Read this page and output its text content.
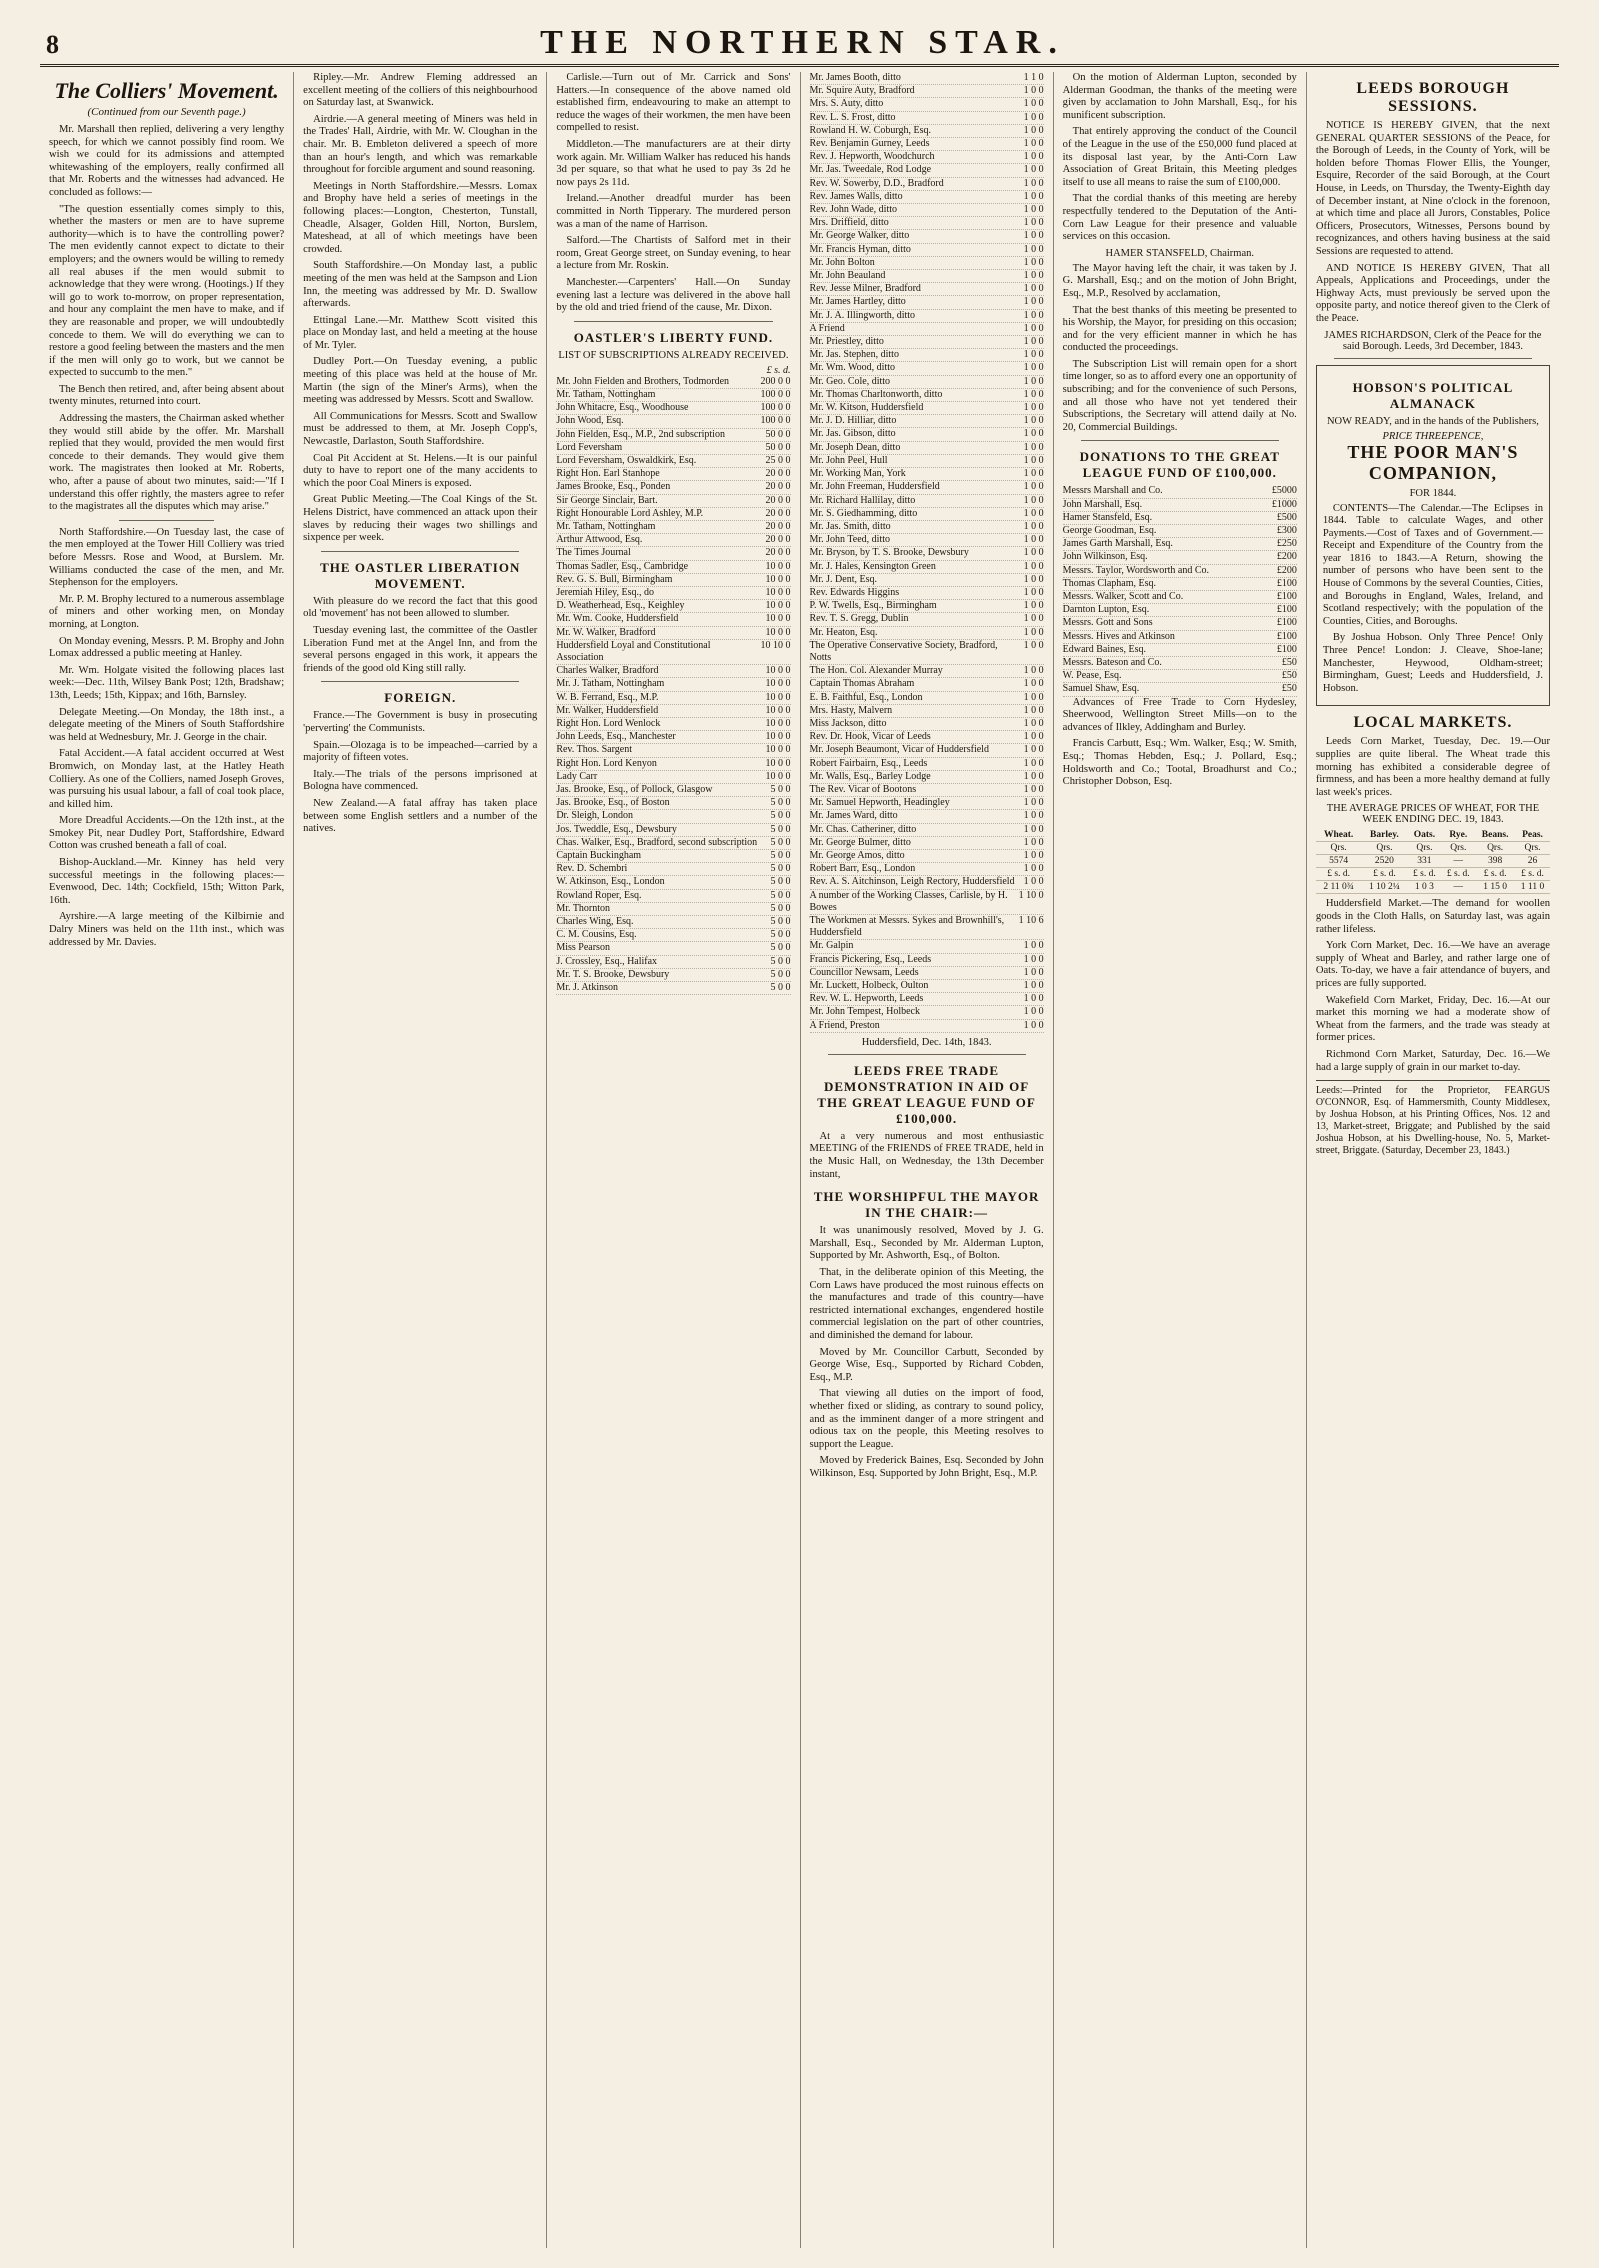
8	THE NORTHERN STAR.
The Colliers' Movement.
(Continued from our Seventh page.)

Mr. Marshall then replied, delivering a very lengthy speech, for which we cannot possibly find room. We wish we could for its admissions and attempted whitewashing of the employers, really confirmed all that Mr. Roberts and the witnesses had advanced. He concluded as follows:—

"The question essentially comes simply to this, whether the masters or men are to have supreme authority—which is to have the controlling power? The men evidently cannot expect to dictate to their employers; and the owners would be willing to remedy all real abuses if the men would submit to acknowledge that they were wrong. (Hootings.) If they will go to work to-morrow, on proper representation, and hour any complaint the men have to make, and if they are reasonable and proper, we will undoubtedly concede to them. We will do everything we can to restore a good feeling between the masters and the men if the men will only go to work, but we cannot be expected to succumb to the men."

The Bench then retired, and, after being absent about twenty minutes, returned into court.

Addressing the masters, the Chairman asked whether they would still abide by the offer. Mr. Marshall replied that they would, provided the men would first concede to their demands. They would give them work. The magistrates then looked at Mr. Roberts, who, after a pause of about two minutes, said:—"If I understand this offer rightly, the masters agree to refer to the magistrates all the disputes which may arise."

North Staffordshire.—On Tuesday last, the case of the men employed at the Tower Hill Colliery was tried before Messrs. Rose and Wood, at Burslem. Mr. Williams conducted the case of the men, and Mr. Stephenson for the employers.

Mr. P. M. Brophy lectured to a numerous assemblage of miners and other working men, on Monday morning, at Longton.

On Monday evening, Messrs. P. M. Brophy and John Lomax addressed a public meeting at Hanley.

Mr. Wm. Holgate visited the following places last week:—Dec. 11th, Wilsey Bank Post; 12th, Bradshaw; 13th, Leeds; 15th, Kippax; and 16th, Barnsley.

Delegate Meeting.—On Monday, the 18th inst., a delegate meeting of the Miners of South Staffordshire was held at Wednesbury, Mr. J. George in the chair.

Fatal Accident.—A fatal accident occurred at West Bromwich, on Monday last, at the Hatley Heath Colliery. As one of the Colliers, named Joseph Groves, was pursuing his usual labour, a fall of coal took place, and killed him.

More Dreadful Accidents.—On the 12th inst., at the Smokey Pit, near Dudley Port, Staffordshire, Edward Cotton was crushed beneath a fall of coal.

Bishop-Auckland.—Mr. Kinney has held very successful meetings in the following places:—Evenwood, Dec. 14th; Cockfield, 15th; Witton Park, 16th.

Ayrshire.—A large meeting of the Kilbirnie and Dalry Miners was held on the 11th inst., which was addressed by Mr. Davies.

Ripley.—Mr. Andrew Fleming addressed an excellent meeting of the colliers of this neighbourhood on Saturday last, at Swanwick.

Airdrie.—A general meeting of Miners was held in the Trades' Hall, Airdrie, with Mr. W. Cloughan in the chair. Mr. B. Embleton delivered a speech of more than an hour's length, and which was remarkable throughout for forcible argument and sound reasoning.

Meetings in North Staffordshire.—Messrs. Lomax and Brophy have held a series of meetings in the following places:—Longton, Chesterton, Tunstall, Cheadle, Alsager, Golden Hill, Norton, Burslem, Mateshead, at all of which meetings have been crowded.

South Staffordshire.—On Monday last, a public meeting of the men was held at the Sampson and Lion Inn, the meeting was addressed by Mr. D. Swallow afterwards.

Ettingal Lane.—Mr. Matthew Scott visited this place on Monday last, and held a meeting at the house of Mr. Tyler.

Dudley Port.—On Tuesday evening, a public meeting of this place was held at the house of Mr. Martin (the sign of the Miner's Arms), when the meeting was addressed by Messrs. Scott and Swallow.

All Communications for Messrs. Scott and Swallow must be addressed to them, at Mr. Joseph Copp's, Newcastle, Darlaston, South Staffordshire.

Coal Pit Accident at St. Helens.—It is our painful duty to have to report one of the many accidents to which the poor Coal Miners is exposed.

Great Public Meeting.—The Coal Kings of the St. Helens District, have commenced an attack upon their slaves by reducing their wages two shillings and sixpence per week.

THE OASTLER LIBERATION MOVEMENT.

With pleasure do we record the fact that this good old 'movement' has not been allowed to slumber.

Tuesday evening last, the committee of the Oastler Liberation Fund met at the Angel Inn, and from the several persons engaged in this work, it appears the friends of the good old King still rally.

FOREIGN.

France.—The Government is busy in prosecuting 'perverting' the Communists.

Spain.—Olozaga is to be impeached—carried by a majority of fifteen votes.

Italy.—The trials of the persons imprisoned at Bologna have commenced.

New Zealand.—A fatal affray has taken place between some English settlers and a number of the natives.

Carlisle.—Turn out of Mr. Carrick and Sons' Hatters.—In consequence of the above named old established firm, endeavouring to make an attempt to reduce the wages of their workmen, the men have been compelled to resist.

Middleton.—The manufacturers are at their dirty work again. Mr. William Walker has reduced his hands 3d per square, so that what he used to pay 3s 2d he now pays 2s 11d.

Ireland.—Another dreadful murder has been committed in North Tipperary. The murdered person was a man of the name of Harrison.

Salford.—The Chartists of Salford met in their room, Great George street, on Sunday evening, to hear a lecture from Mr. Roskin.

Manchester.—Carpenters' Hall.—On Sunday evening last a lecture was delivered in the above hall by the old and tried friend of the cause, Mr. Dixon.

OASTLER'S LIBERTY FUND.
LIST OF SUBSCRIPTIONS ALREADY RECEIVED.
£ s. d.
Mr. John Fielden and Brothers, Todmorden	200 0 0
Mr. Tatham, Nottingham	100 0 0
John Whitacre, Esq., Woodhouse	100 0 0
John Wood, Esq.	100 0 0
John Fielden, Esq., M.P., 2nd subscription	50 0 0
Lord Feversham	50 0 0
Lord Feversham, Oswaldkirk, Esq.	25 0 0
Right Hon. Earl Stanhope	20 0 0
James Brooke, Esq., Ponden	20 0 0
Sir George Sinclair, Bart.	20 0 0
Right Honourable Lord Ashley, M.P.	20 0 0
Mr. Tatham, Nottingham	20 0 0
Arthur Attwood, Esq.	20 0 0
The Times Journal	20 0 0
Thomas Sadler, Esq., Cambridge	10 0 0
Rev. G. S. Bull, Birmingham	10 0 0
Jeremiah Hiley, Esq., do	10 0 0
D. Weatherhead, Esq., Keighley	10 0 0
Mr. Wm. Cooke, Huddersfield	10 0 0
Mr. W. Walker, Bradford	10 0 0
Huddersfield Loyal and Constitutional Association
10 10 0
Charles Walker, Bradford	10 0 0
Mr. J. Tatham, Nottingham	10 0 0
W. B. Ferrand, Esq., M.P.	10 0 0
Mr. Walker, Huddersfield	10 0 0
Right Hon. Lord Wenlock	10 0 0
John Leeds, Esq., Manchester	10 0 0
Rev. Thos. Sargent	10 0 0
Right Hon. Lord Kenyon	10 0 0
Lady Carr	10 0 0
Jas. Brooke, Esq., of Pollock, Glasgow	5 0 0
Jas. Brooke, Esq., of Boston	5 0 0
Dr. Sleigh, London	5 0 0
Jos. Tweddle, Esq., Dewsbury	5 0 0
Chas. Walker, Esq., Bradford, second subscription	5 0 0
Captain Buckingham	5 0 0
Rev. D. Schembri	5 0 0
W. Atkinson, Esq., London	5 0 0
Rowland Roper, Esq.	5 0 0
Mr. Thornton	5 0 0
Charles Wing, Esq.	5 0 0
C. M. Cousins, Esq.	5 0 0
Miss Pearson	5 0 0
J. Crossley, Esq., Halifax	5 0 0
Mr. T. S. Brooke, Dewsbury	5 0 0
Mr. J. Atkinson	5 0 0
Mr. James Booth, ditto	1 1 0
Mr. Squire Auty, Bradford	1 0 0
Mrs. S. Auty, ditto	1 0 0
Rev. L. S. Frost, ditto	1 0 0
Rowland H. W. Coburgh, Esq.	1 0 0
Rev. Benjamin Gurney, Leeds	1 0 0
Rev. J. Hepworth, Woodchurch	1 0 0
Mr. Jas. Tweedale, Rod Lodge	1 0 0
Rev. W. Sowerby, D.D., Bradford	1 0 0
Rev. James Walls, ditto	1 0 0
Rev. John Wade, ditto	1 0 0
Mrs. Driffield, ditto	1 0 0
Mr. George Walker, ditto	1 0 0
Mr. Francis Hyman, ditto	1 0 0
Mr. John Bolton	1 0 0
Mr. John Beauland	1 0 0
Rev. Jesse Milner, Bradford	1 0 0
Mr. James Hartley, ditto	1 0 0
Mr. J. A. Illingworth, ditto	1 0 0
A Friend	1 0 0
Mr. Priestley, ditto	1 0 0
Mr. Jas. Stephen, ditto	1 0 0
Mr. Wm. Wood, ditto	1 0 0
Mr. Geo. Cole, ditto	1 0 0
Mr. Thomas Charltonworth, ditto	1 0 0
Mr. W. Kitson, Huddersfield	1 0 0
Mr. J. D. Hilliar, ditto	1 0 0
Mr. Jas. Gibson, ditto	1 0 0
Mr. Joseph Dean, ditto	1 0 0
Mr. John Peel, Hull	1 0 0
Mr. Working Man, York	1 0 0
Mr. John Freeman, Huddersfield	1 0 0
Mr. Richard Hallilay, ditto	1 0 0
Mr. S. Giedhamming, ditto	1 0 0
Mr. Jas. Smith, ditto	1 0 0
Mr. John Teed, ditto	1 0 0
Mr. Bryson, by T. S. Brooke, Dewsbury	1 0 0
Mr. J. Hales, Kensington Green	1 0 0
Mr. J. Dent, Esq.	1 0 0
Rev. Edwards Higgins	1 0 0
P. W. Twells, Esq., Birmingham	1 0 0
Rev. T. S. Gregg, Dublin	1 0 0
Mr. Heaton, Esq.	1 0 0
The Operative Conservative Society, Bradford, Notts
1 0 0
The Hon. Col. Alexander Murray	1 0 0
Captain Thomas Abraham	1 0 0
E. B. Faithful, Esq., London	1 0 0
Mrs. Hasty, Malvern	1 0 0
Miss Jackson, ditto	1 0 0
Rev. Dr. Hook, Vicar of Leeds	1 0 0
Mr. Joseph Beaumont, Vicar of Huddersfield	1 0 0
Robert Fairbairn, Esq., Leeds	1 0 0
Mr. Walls, Esq., Barley Lodge	1 0 0
The Rev. Vicar of Bootons	1 0 0
Mr. Samuel Hepworth, Headingley	1 0 0
Mr. James Ward, ditto	1 0 0
Mr. Chas. Catheriner, ditto	1 0 0
Mr. George Bulmer, ditto	1 0 0
Mr. George Amos, ditto	1 0 0
Robert Barr, Esq., London	1 0 0
Rev. A. S. Aitchinson, Leigh Rectory, Huddersfield 1 0 0
A number of the Working Classes, Carlisle, by H. Bowes
1 10 0
The Workmen at Messrs. Sykes and Brownhill's, Huddersfield
1 10 6
Mr. Galpin	1 0 0
Francis Pickering, Esq., Leeds	1 0 0
Councillor Newsam, Leeds	1 0 0
Mr. Luckett, Holbeck, Oulton	1 0 0
Rev. W. L. Hepworth, Leeds	1 0 0
Mr. John Tempest, Holbeck	1 0 0
A Friend, Preston	1 0 0
Huddersfield, Dec. 14th, 1843.
LEEDS FREE TRADE DEMONSTRATION IN AID OF THE GREAT LEAGUE FUND OF £100,000.

At a very numerous and most enthusiastic MEETING of the FRIENDS of FREE TRADE, held in the Music Hall, on Wednesday, the 13th December instant,

THE WORSHIPFUL THE MAYOR IN THE CHAIR:—

It was unanimously resolved, Moved by J. G. Marshall, Esq., Seconded by Mr. Alderman Lupton, Supported by Mr. Ashworth, Esq., of Bolton.

That, in the deliberate opinion of this Meeting, the Corn Laws have produced the most ruinous effects on the manufactures and trade of this country—have restricted international exchanges, engendered hostile commercial legislation on the part of other countries, and diminished the demand for labour.

Moved by Mr. Councillor Carbutt, Seconded by George Wise, Esq., Supported by Richard Cobden, Esq., M.P.

That viewing all duties on the import of food, whether fixed or sliding, as contrary to sound policy, and as the imminent danger of a more stringent and odious tax on the people, this Meeting resolves to support the League.

Moved by Frederick Baines, Esq. Seconded by John Wilkinson, Esq. Supported by John Bright, Esq., M.P.

On the motion of Alderman Lupton, seconded by Alderman Goodman, the thanks of the meeting were given by acclamation to John Marshall, Esq., for his munificent subscription.

That entirely approving the conduct of the Council of the League in the use of the £50,000 fund placed at its disposal last year, by the Anti-Corn Law Association of Great Britain, this Meeting pledges itself to use all means to raise the sum of £100,000.

That the cordial thanks of this meeting are hereby respectfully tendered to the Deputation of the Anti-Corn Law League for their presence and valuable services on this occasion.

HAMER STANSFELD, Chairman.

The Mayor having left the chair, it was taken by J. G. Marshall, Esq.; and on the motion of John Bright, Esq., M.P., Resolved by acclamation,

That the best thanks of this meeting be presented to his Worship, the Mayor, for presiding on this occasion; and for the very efficient manner in which he has conducted the proceedings.

The Subscription List will remain open for a short time longer, so as to afford every one an opportunity of subscribing; and for the convenience of such Persons, and all those who have not yet tendered their Subscriptions, the Secretary will attend daily at No. 20, Commercial Buildings.

DONATIONS TO THE GREAT LEAGUE FUND OF £100,000.
Messrs Marshall and Co.	£5000
John Marshall, Esq.	£1000
Hamer Stansfeld, Esq.	£500
George Goodman, Esq.	£300
James Garth Marshall, Esq.	£250
John Wilkinson, Esq.	£200
Messrs. Taylor, Wordsworth and Co.	£200
Thomas Clapham, Esq.	£100
Messrs. Walker, Scott and Co.	£100
Darnton Lupton, Esq.	£100
Messrs. Gott and Sons	£100
Messrs. Hives and Atkinson	£100
Edward Baines, Esq.	£100
Messrs. Bateson and Co.	£50
W. Pease, Esq.	£50
Samuel Shaw, Esq.	£50

Advances of Free Trade to Corn Hydesley, Sheerwood, Wellington Street Mills—on to the advances of Ilkley, Addingham and Burley.

Francis Carbutt, Esq.; Wm. Walker, Esq.; W. Smith, Esq.; Thomas Hebden, Esq.; J. Pollard, Esq.; Holdsworth and Co.; Tootal, Broadhurst and Co.; Christopher Dobson, Esq.

LEEDS BOROUGH SESSIONS.

NOTICE IS HEREBY GIVEN, that the next GENERAL QUARTER SESSIONS of the Peace, for the Borough of Leeds, in the County of York, will be holden before Thomas Flower Ellis, the Younger, Esquire, Recorder of the said Borough, at the Court House, in Leeds, on Thursday, the Twenty-Eighth day of December instant, at Nine o'clock in the forenoon, at which time and place all Jurors, Constables, Police Officers, Prosecutors, Witnesses, Persons bound by recognizances, and others having business at the said Sessions are requested to attend.

AND NOTICE IS HEREBY GIVEN, That all Appeals, Applications and Proceedings, under the Highway Acts, must previously be served upon the opposite party, and notice thereof given to the Clerk of the Peace.

JAMES RICHARDSON, Clerk of the Peace for the said Borough. Leeds, 3rd December, 1843.
HOBSON'S POLITICAL ALMANACK
NOW READY, and in the hands of the Publishers,
PRICE THREEPENCE,
THE POOR MAN'S COMPANION,
FOR 1844.

CONTENTS—The Calendar.—The Eclipses in 1844. Table to calculate Wages, and other Payments.—Cost of Taxes and of Government.—Receipt and Expenditure of the Country from the year 1816 to 1843.—A Return, showing the number of persons who have been sent to the House of Commons by the several Counties, Cities, and Boroughs in England, Wales, Ireland, and Scotland respectively; with the population of the Counties, Cities, and Boroughs.

By Joshua Hobson. Only Three Pence! Only Three Pence! London: J. Cleave, Shoe-lane; Manchester, Heywood, Oldham-street; Birmingham, Guest; Leeds and Huddersfield, J. Hobson.

LOCAL MARKETS.

Leeds Corn Market, Tuesday, Dec. 19.—Our supplies are quite liberal. The Wheat trade this morning has exhibited a considerable degree of firmness, and has been a more healthy demand at fully last week's prices.

THE AVERAGE PRICES OF WHEAT, FOR THE WEEK ENDING DEC. 19, 1843.
Wheat.	Barley.	Oats.	Rye.	Beans.	Peas.
Qrs.	Qrs.	Qrs.	Qrs.	Qrs.	Qrs.
5574	2520	331	—	398	26
£ s. d.	£ s. d.	£ s. d.	£ s. d.	£ s. d.	£ s. d.
2 11 0¾	1 10 2¼	1 0 3	—	1 15 0	1 11 0

Huddersfield Market.—The demand for woollen goods in the Cloth Halls, on Saturday last, was again rather lifeless.

York Corn Market, Dec. 16.—We have an average supply of Wheat and Barley, and rather large one of Oats. To-day, we have a fair attendance of buyers, and prices are fully supported.

Wakefield Corn Market, Friday, Dec. 16.—At our market this morning we had a moderate show of Wheat from the farmers, and the trade was steady at former prices.

Richmond Corn Market, Saturday, Dec. 16.—We had a large supply of grain in our market to-day.

Leeds:—Printed for the Proprietor, FEARGUS O'CONNOR, Esq. of Hammersmith, County Middlesex, by Joshua Hobson, at his Printing Offices, Nos. 12 and 13, Market-street, Briggate; and Published by the said Joshua Hobson, at his Dwelling-house, No. 5, Market-street, Briggate. (Saturday, December 23, 1843.)
